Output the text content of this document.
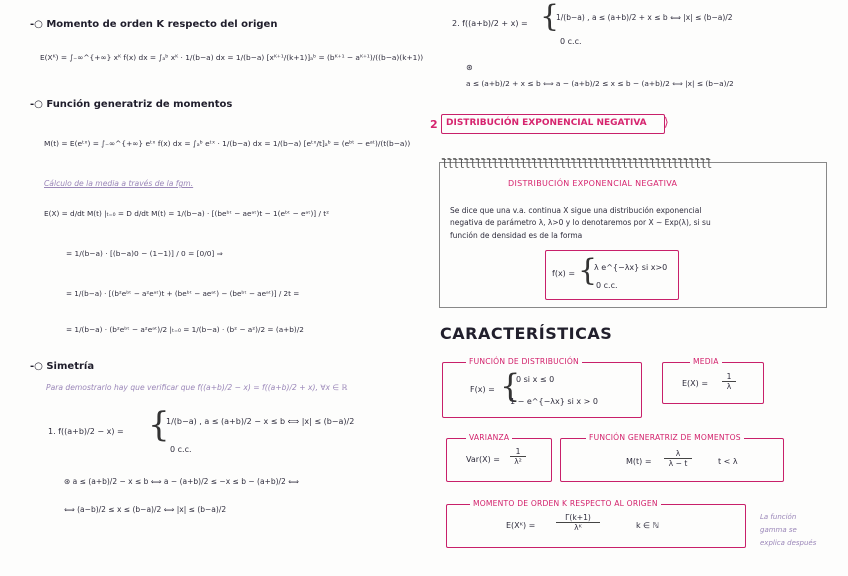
-○ Momento de orden K respecto del origen
E(Xᴷ) = ∫₋∞^{+∞} xᴷ f(x) dx = ∫ₐᵇ xᴷ · 1/(b−a) dx = 1/(b−a) [xᴷ⁺¹/(k+1)]ₐᵇ = (bᴷ⁺¹ − aᴷ⁺¹)/((b−a)(k+1))
-○ Función generatriz de momentos
M(t) = E(eᵗˣ) = ∫₋∞^{+∞} eᵗˣ f(x) dx = ∫ₐᵇ eᵗˣ · 1/(b−a) dx = 1/(b−a) [eᵗˣ/t]ₐᵇ = (eᵇᵗ − eᵃᵗ)/(t(b−a))
Cálculo de la media a través de la fgm.
E(X) = d/dt M(t) |ₜ₌₀ = D d/dt M(t) = 1/(b−a) · [(beᵇᵗ − aeᵃᵗ)t − 1(eᵇᵗ − eᵃᵗ)] / t²
= 1/(b−a) · [(b−a)0 − (1−1)] / 0 = [0/0] ⇒
= 1/(b−a) · [(b²eᵇᵗ − a²eᵃᵗ)t + (beᵇᵗ − aeᵃᵗ) − (beᵇᵗ − aeᵃᵗ)] / 2t =
= 1/(b−a) · (b²eᵇᵗ − a²eᵃᵗ)/2 |ₜ₌₀ = 1/(b−a) · (b² − a²)/2 = (a+b)/2
-○ Simetría
Para demostrarlo hay que verificar que f((a+b)/2 − x) = f((a+b)/2 + x), ∀x ∈ ℝ
1. f((a+b)/2 − x) = {
1/(b−a) , a ≤ (a+b)/2 − x ≤ b ⟺ |x| ≤ (b−a)/2
0 c.c.
⊛ a ≤ (a+b)/2 − x ≤ b ⟺ a − (a+b)/2 ≤ −x ≤ b − (a+b)/2 ⟺
⟺ (a−b)/2 ≤ x ≤ (b−a)/2 ⟺ |x| ≤ (b−a)/2
2. f((a+b)/2 + x) = {
1/(b−a) , a ≤ (a+b)/2 + x ≤ b ⟺ |x| ≤ (b−a)/2
0 c.c.
⊛
a ≤ (a+b)/2 + x ≤ b ⟺ a − (a+b)/2 ≤ x ≤ b − (a+b)/2 ⟺ |x| ≤ (b−a)/2
2 DISTRIBUCIÓN EXPONENCIAL NEGATIVA ⟩
ƪƪƪƪƪƪƪƪƪƪƪƪƪƪƪƪƪƪƪƪƪƪƪƪƪƪƪƪƪƪƪƪƪƪƪƪƪƪƪƪƪƪƪƪƪƪƪƪ
DISTRIBUCIÓN EXPONENCIAL NEGATIVA
Se dice que una v.a. continua X sigue una distribución exponencial
negativa de parámetro λ, λ>0 y lo denotaremos por X ~ Exp(λ), si su
función de densidad es de la forma
f(x) = {
λ e^{−λx} si x>0
0 c.c.
CARACTERÍSTICAS
FUNCIÓN DE DISTRIBUCIÓN
F(x) = {
0 si x ≤ 0
1 − e^{−λx} si x > 0
MEDIA
E(X) =
1
λ
VARIANZA
Var(X) =
1
λ²
FUNCIÓN GENERATRIZ DE MOMENTOS
M(t) =
λ
λ − t	t < λ
MOMENTO DE ORDEN K RESPECTO AL ORIGEN
E(Xᴷ) =
Γ(k+1)
λᴷ	k ∈ ℕ
La función
gamma se
explica después
